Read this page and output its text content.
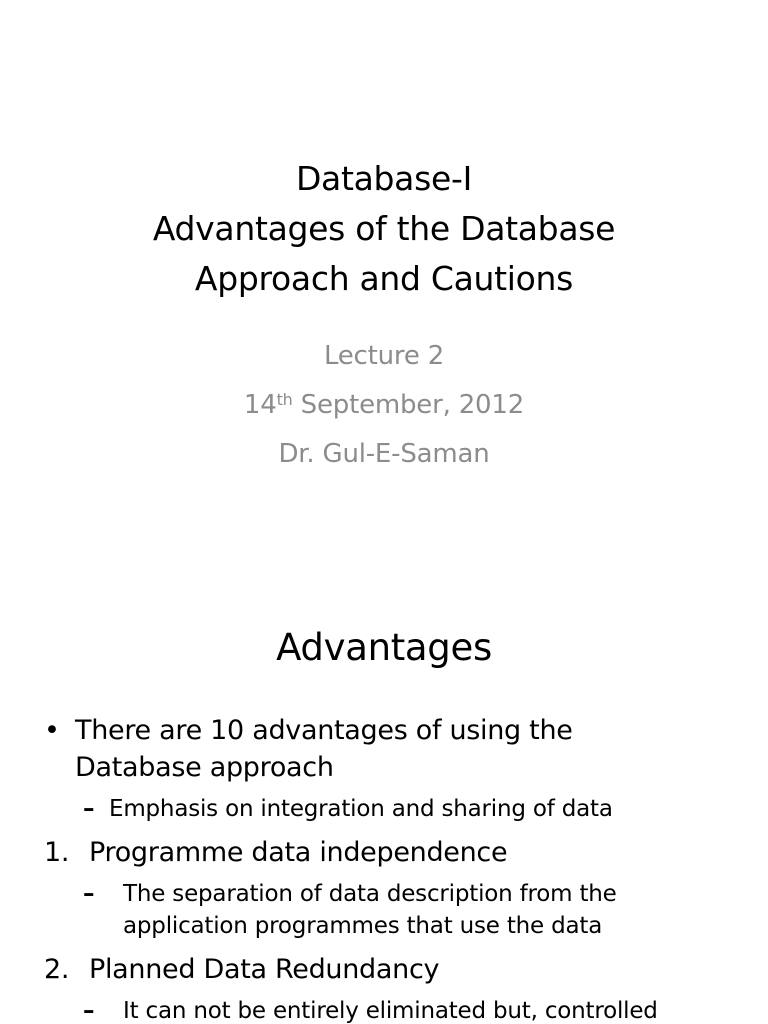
Database-I
Advantages of the Database
Approach and Cautions
Lecture 2
14th September, 2012
Dr. Gul-E-Saman
Advantages
• There are 10 advantages of using the
Database approach
– Emphasis on integration and sharing of data
1. Programme data independence
– The separation of data description from the
application programmes that use the data
2. Planned Data Redundancy
– It can not be entirely eliminated but, controlled
